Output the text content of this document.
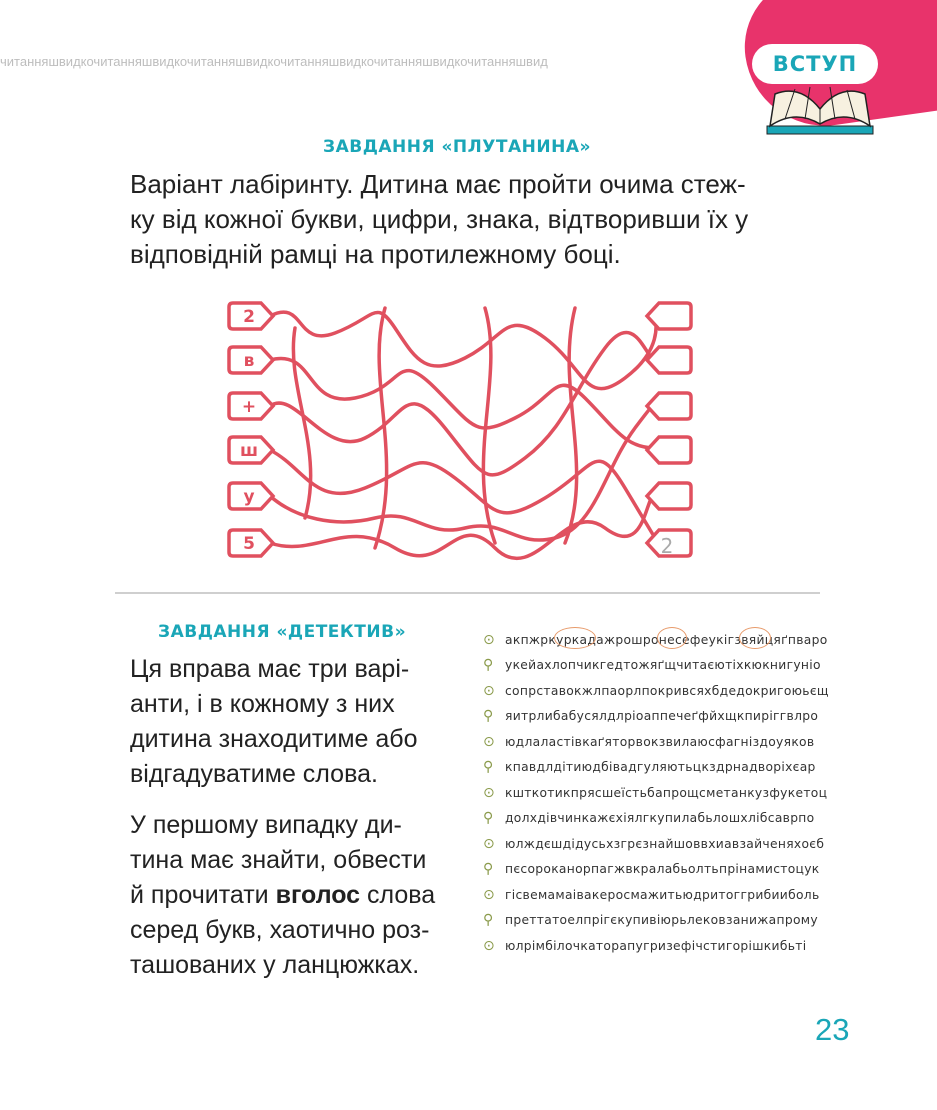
читанняшвидкочитанняшвидкочитанняшвидкочитанняшвидкочитанняшвидкочитанняшвид	ВСТУП
ЗАВДАННЯ «ПЛУТАНИНА»
Варіант лабіринту. Дитина має пройти очима стеж-
ку від кожної букви, цифри, знака, відтворивши їх у
відповідній рамці на протилежному боці.
2
в
+
ш
у
5	2
ЗАВДАННЯ «ДЕТЕКТИВ»
Ця вправа має три варі-
анти, і в кожному з них
дитина знаходитиме або
відгадуватиме слова.
У першому випадку ди-
тина має знайти, обвести
й прочитати вголос слова
серед букв, хаотично роз-
ташованих у ланцюжках.
⊙ акпжркуркадажрошронесефеукігзвяйцяґпваро
⚲ укейахлопчикгедтожяґщчитаєютіхкюкнигуніо
⊙ сопрставокжлпаорлпокривсяхбдедокригоюьєщ
⚲ яитрлибабусялдлріоаппечеґфйхщкпиріггвлро
⊙ юдлаластівкаґяторвокзвилаюсфагніздоуяков
⚲ кпавдлдітиюдбівадгуляютьцкздрнадворіхєар
⊙ кшткотикпрясшеїстьбапрощсметанкузфукетоц
⚲ долхдівчинкажєхіялгкупилабьлошхлібсаврпо
⊙ юлждєшдідусьхзгрєзнайшоввхиавзайченяхоєб
⚲ пєсороканорпагжвкралабьолтьпрінамистоцук
⊙ гісвемамаівакеросмажитьюдритоггрибииболь
⚲ преттатоелпрігєкупивіюрьлековзанижапрому
⊙ юлрімбілочкаторапугризефічстигорішкибьті
23
